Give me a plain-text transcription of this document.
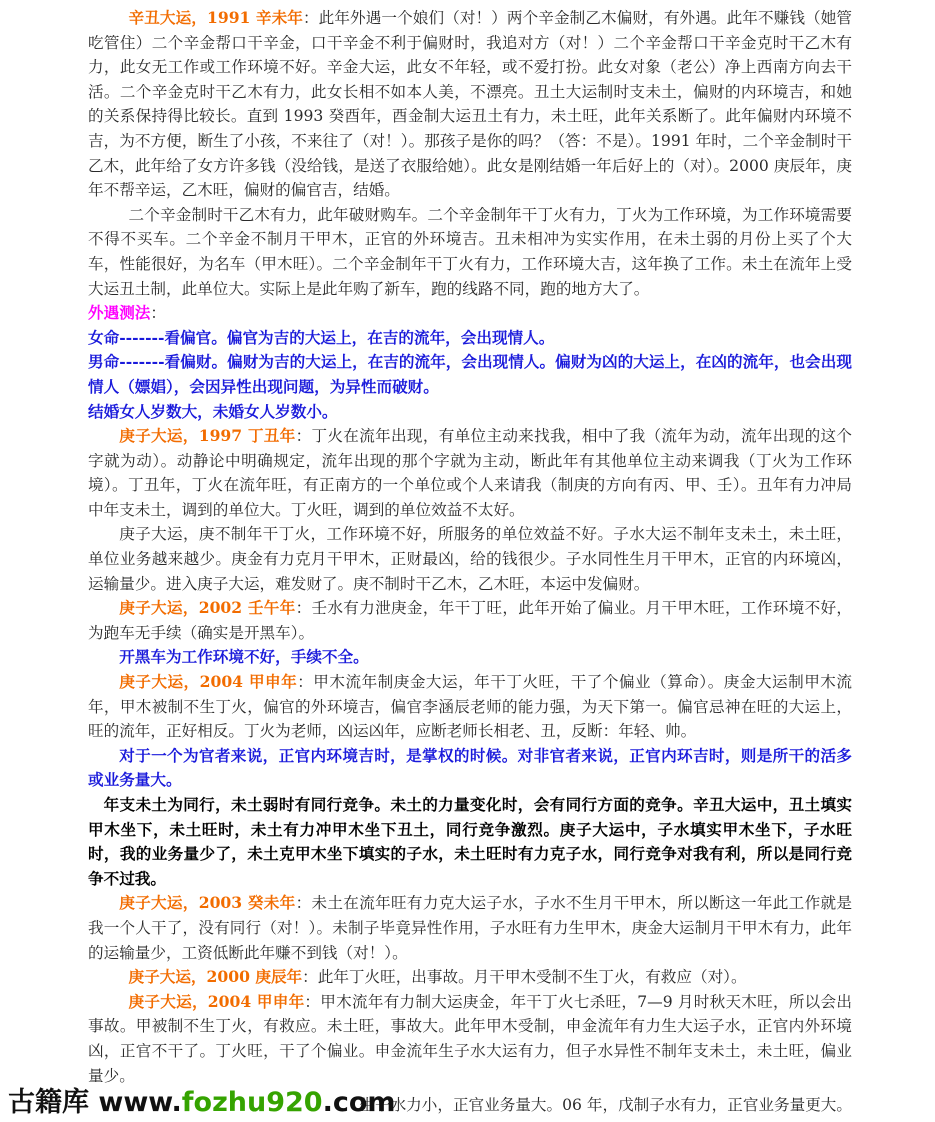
辛丑大运，1991 辛未年：此年外遇一个娘们（对！）两个辛金制乙木偏财，有外遇。此年不赚钱（她管吃管住）二个辛金帮口干辛金，口干辛金不利于偏财时，我追对方（对！）二个辛金帮口干辛金克时干乙木有力，此女无工作或工作环境不好。辛金大运，此女不年轻，或不爱打扮。此女对象（老公）净上西南方向去干活。二个辛金克时干乙木有力，此女长相不如本人美，不漂亮。丑土大运制时支未土，偏财的内环境吉，和她的关系保持得比较长。直到 1993 癸酉年，酉金制大运丑土有力，未土旺，此年关系断了。此年偏财内环境不吉，为不方便，断生了小孩，不来往了（对！）。那孩子是你的吗？（答：不是）。1991 年时，二个辛金制时干乙木，此年给了女方许多钱（没给钱，是送了衣服给她）。此女是刚结婚一年后好上的（对）。2000 庚辰年，庚年不帮辛运，乙木旺，偏财的偏官吉，结婚。

二个辛金制时干乙木有力，此年破财购车。二个辛金制年干丁火有力，丁火为工作环境，为工作环境需要不得不买车。二个辛金不制月干甲木，正官的外环境吉。丑未相冲为实实作用，在未土弱的月份上买了个大车，性能很好，为名车（甲木旺）。二个辛金制年干丁火有力，工作环境大吉，这年换了工作。未土在流年上受大运丑土制，此单位大。实际上是此年购了新车，跑的线路不同，跑的地方大了。

外遇测法：

女命-------看偏官。偏官为吉的大运上，在吉的流年，会出现情人。

男命-------看偏财。偏财为吉的大运上，在吉的流年，会出现情人。偏财为凶的大运上，在凶的流年，也会出现情人（嫖娼），会因异性出现问题，为异性而破财。

结婚女人岁数大，未婚女人岁数小。

庚子大运，1997 丁丑年：丁火在流年出现，有单位主动来找我，相中了我（流年为动，流年出现的这个字就为动）。动静论中明确规定，流年出现的那个字就为主动，断此年有其他单位主动来调我（丁火为工作环境）。丁丑年，丁火在流年旺，有正南方的一个单位或个人来请我（制庚的方向有丙、甲、壬）。丑年有力冲局中年支未土，调到的单位大。丁火旺，调到的单位效益不太好。

庚子大运，庚不制年干丁火，工作环境不好，所服务的单位效益不好。子水大运不制年支未土，未土旺，单位业务越来越少。庚金有力克月干甲木，正财最凶，给的钱很少。子水同性生月干甲木，正官的内环境凶，运输量少。进入庚子大运，难发财了。庚不制时干乙木，乙木旺，本运中发偏财。

庚子大运，2002 壬午年：壬水有力泄庚金，年干丁旺，此年开始了偏业。月干甲木旺，工作环境不好，为跑车无手续（确实是开黑车）。

开黑车为工作环境不好，手续不全。

庚子大运，2004 甲申年：甲木流年制庚金大运，年干丁火旺，干了个偏业（算命）。庚金大运制甲木流年，甲木被制不生丁火，偏官的外环境吉，偏官李涵辰老师的能力强，为天下第一。偏官忌神在旺的大运上，旺的流年，正好相反。丁火为老师，凶运凶年，应断老师长相老、丑，反断：年轻、帅。

对于一个为官者来说，正官内环境吉时，是掌权的时候。对非官者来说，正官内环吉时，则是所干的活多或业务量大。

年支未土为同行，未土弱时有同行竞争。未土的力量变化时，会有同行方面的竞争。辛丑大运中，丑土填实甲木坐下，未土旺时，未土有力冲甲木坐下丑土，同行竞争激烈。庚子大运中，子水填实甲木坐下，子水旺时，我的业务量少了，未土克甲木坐下填实的子水，未土旺时有力克子水，同行竞争对我有利，所以是同行竞争不过我。

庚子大运，2003 癸未年：未土在流年旺有力克大运子水，子水不生月干甲木，所以断这一年此工作就是我一个人干了，没有同行（对！）。未制子毕竟异性作用，子水旺有力生甲木，庚金大运制月干甲木有力，此年的运输量少，工资低断此年赚不到钱（对！）。

庚子大运，2000 庚辰年：此年丁火旺，出事故。月干甲木受制不生丁火，有救应（对）。

庚子大运，2004 甲申年：甲木流年有力制大运庚金，年干丁火七杀旺，7—9 月时秋天木旺，所以会出事故。甲被制不生丁火，有救应。未土旺，事故大。此年甲木受制，申金流年有力生大运子水，正官内外环境凶，正官不干了。丁火旺，干了个偏业。申金流年生子水大运有力，但子水异性不制年支未土，未土旺，偏业量少。

生子水力小，正官业务量大。06 年，戊制子水有力，正官业务量更大。
古籍库 www.fozhu920.com
